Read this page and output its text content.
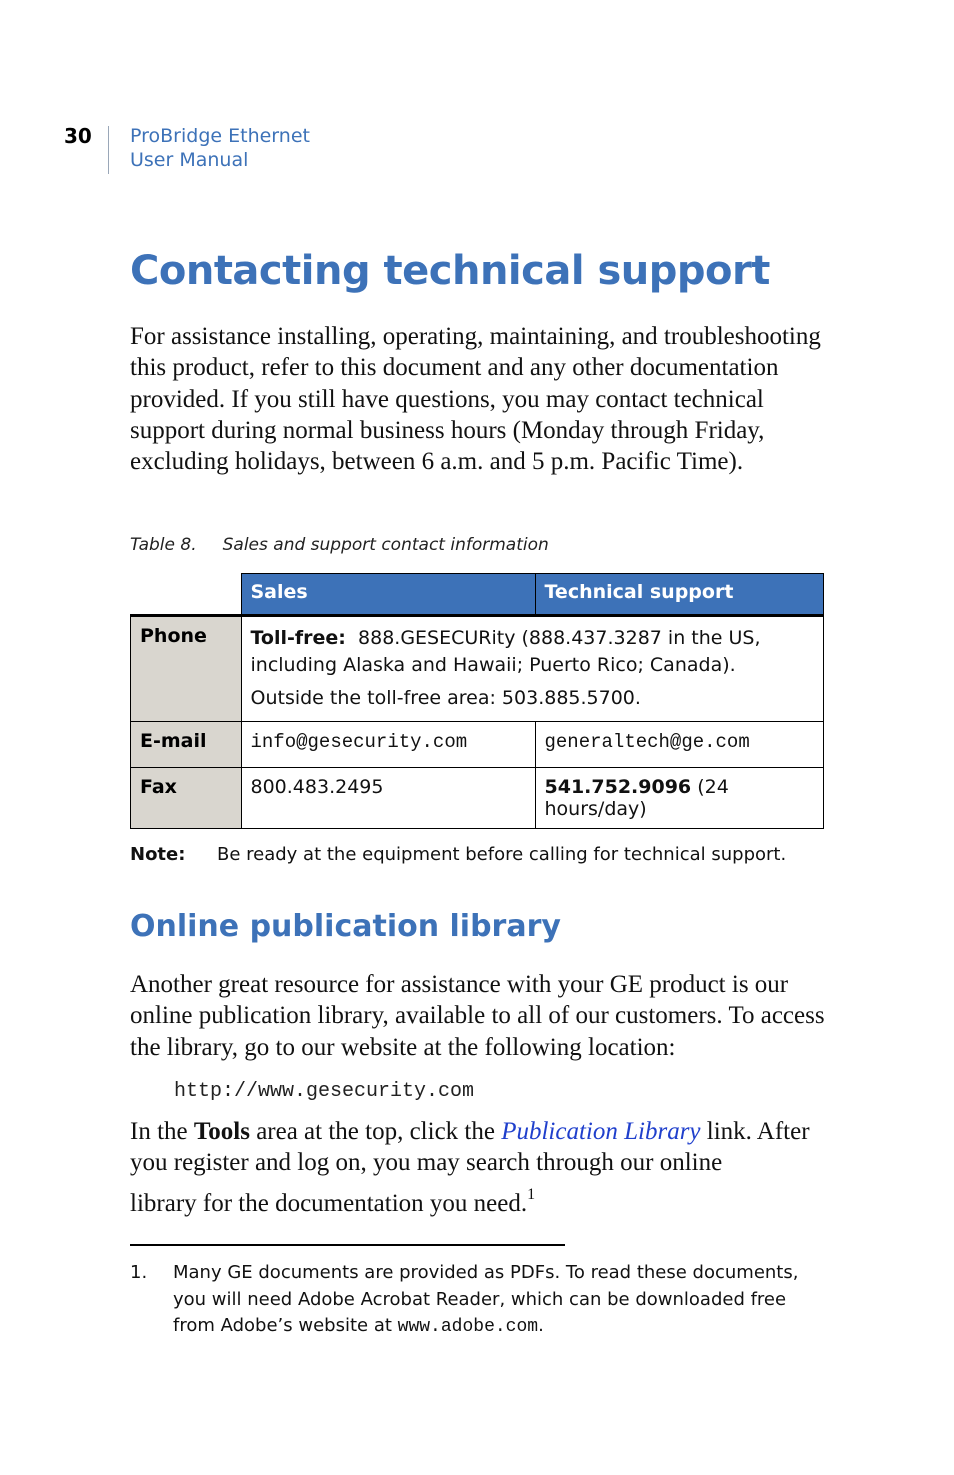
30 ProBridge Ethernet
User Manual
Contacting technical support

For assistance installing, operating, maintaining, and troubleshooting this product, refer to this document and any other documentation provided. If you still have questions, you may contact technical support during normal business hours (Monday through Friday, excluding holidays, between 6 a.m. and 5 p.m. Pacific Time).

Table 8. Sales and support contact information
	Sales	Technical support
Phone	Toll-free: 888.GESECURity (888.437.3287 in the US, including Alaska and Hawaii; Puerto Rico; Canada).
Outside the toll-free area: 503.885.5700.	

E-mail	info@gesecurity.com	generaltech@ge.com
Fax	800.483.2495	541.752.9096 (24 hours/day)
Note: Be ready at the equipment before calling for technical support.
Online publication library

Another great resource for assistance with your GE product is our online publication library, available to all of our customers. To access the library, go to our website at the following location:

http://www.gesecurity.com

In the Tools area at the top, click the Publication Library link. After you register and log on, you may search through our online
library for the documentation you need.$^1$

1. Many GE documents are provided as PDFs. To read these documents, you will need Adobe Acrobat Reader, which can be downloaded free from Adobe’s website at www.adobe.com.
